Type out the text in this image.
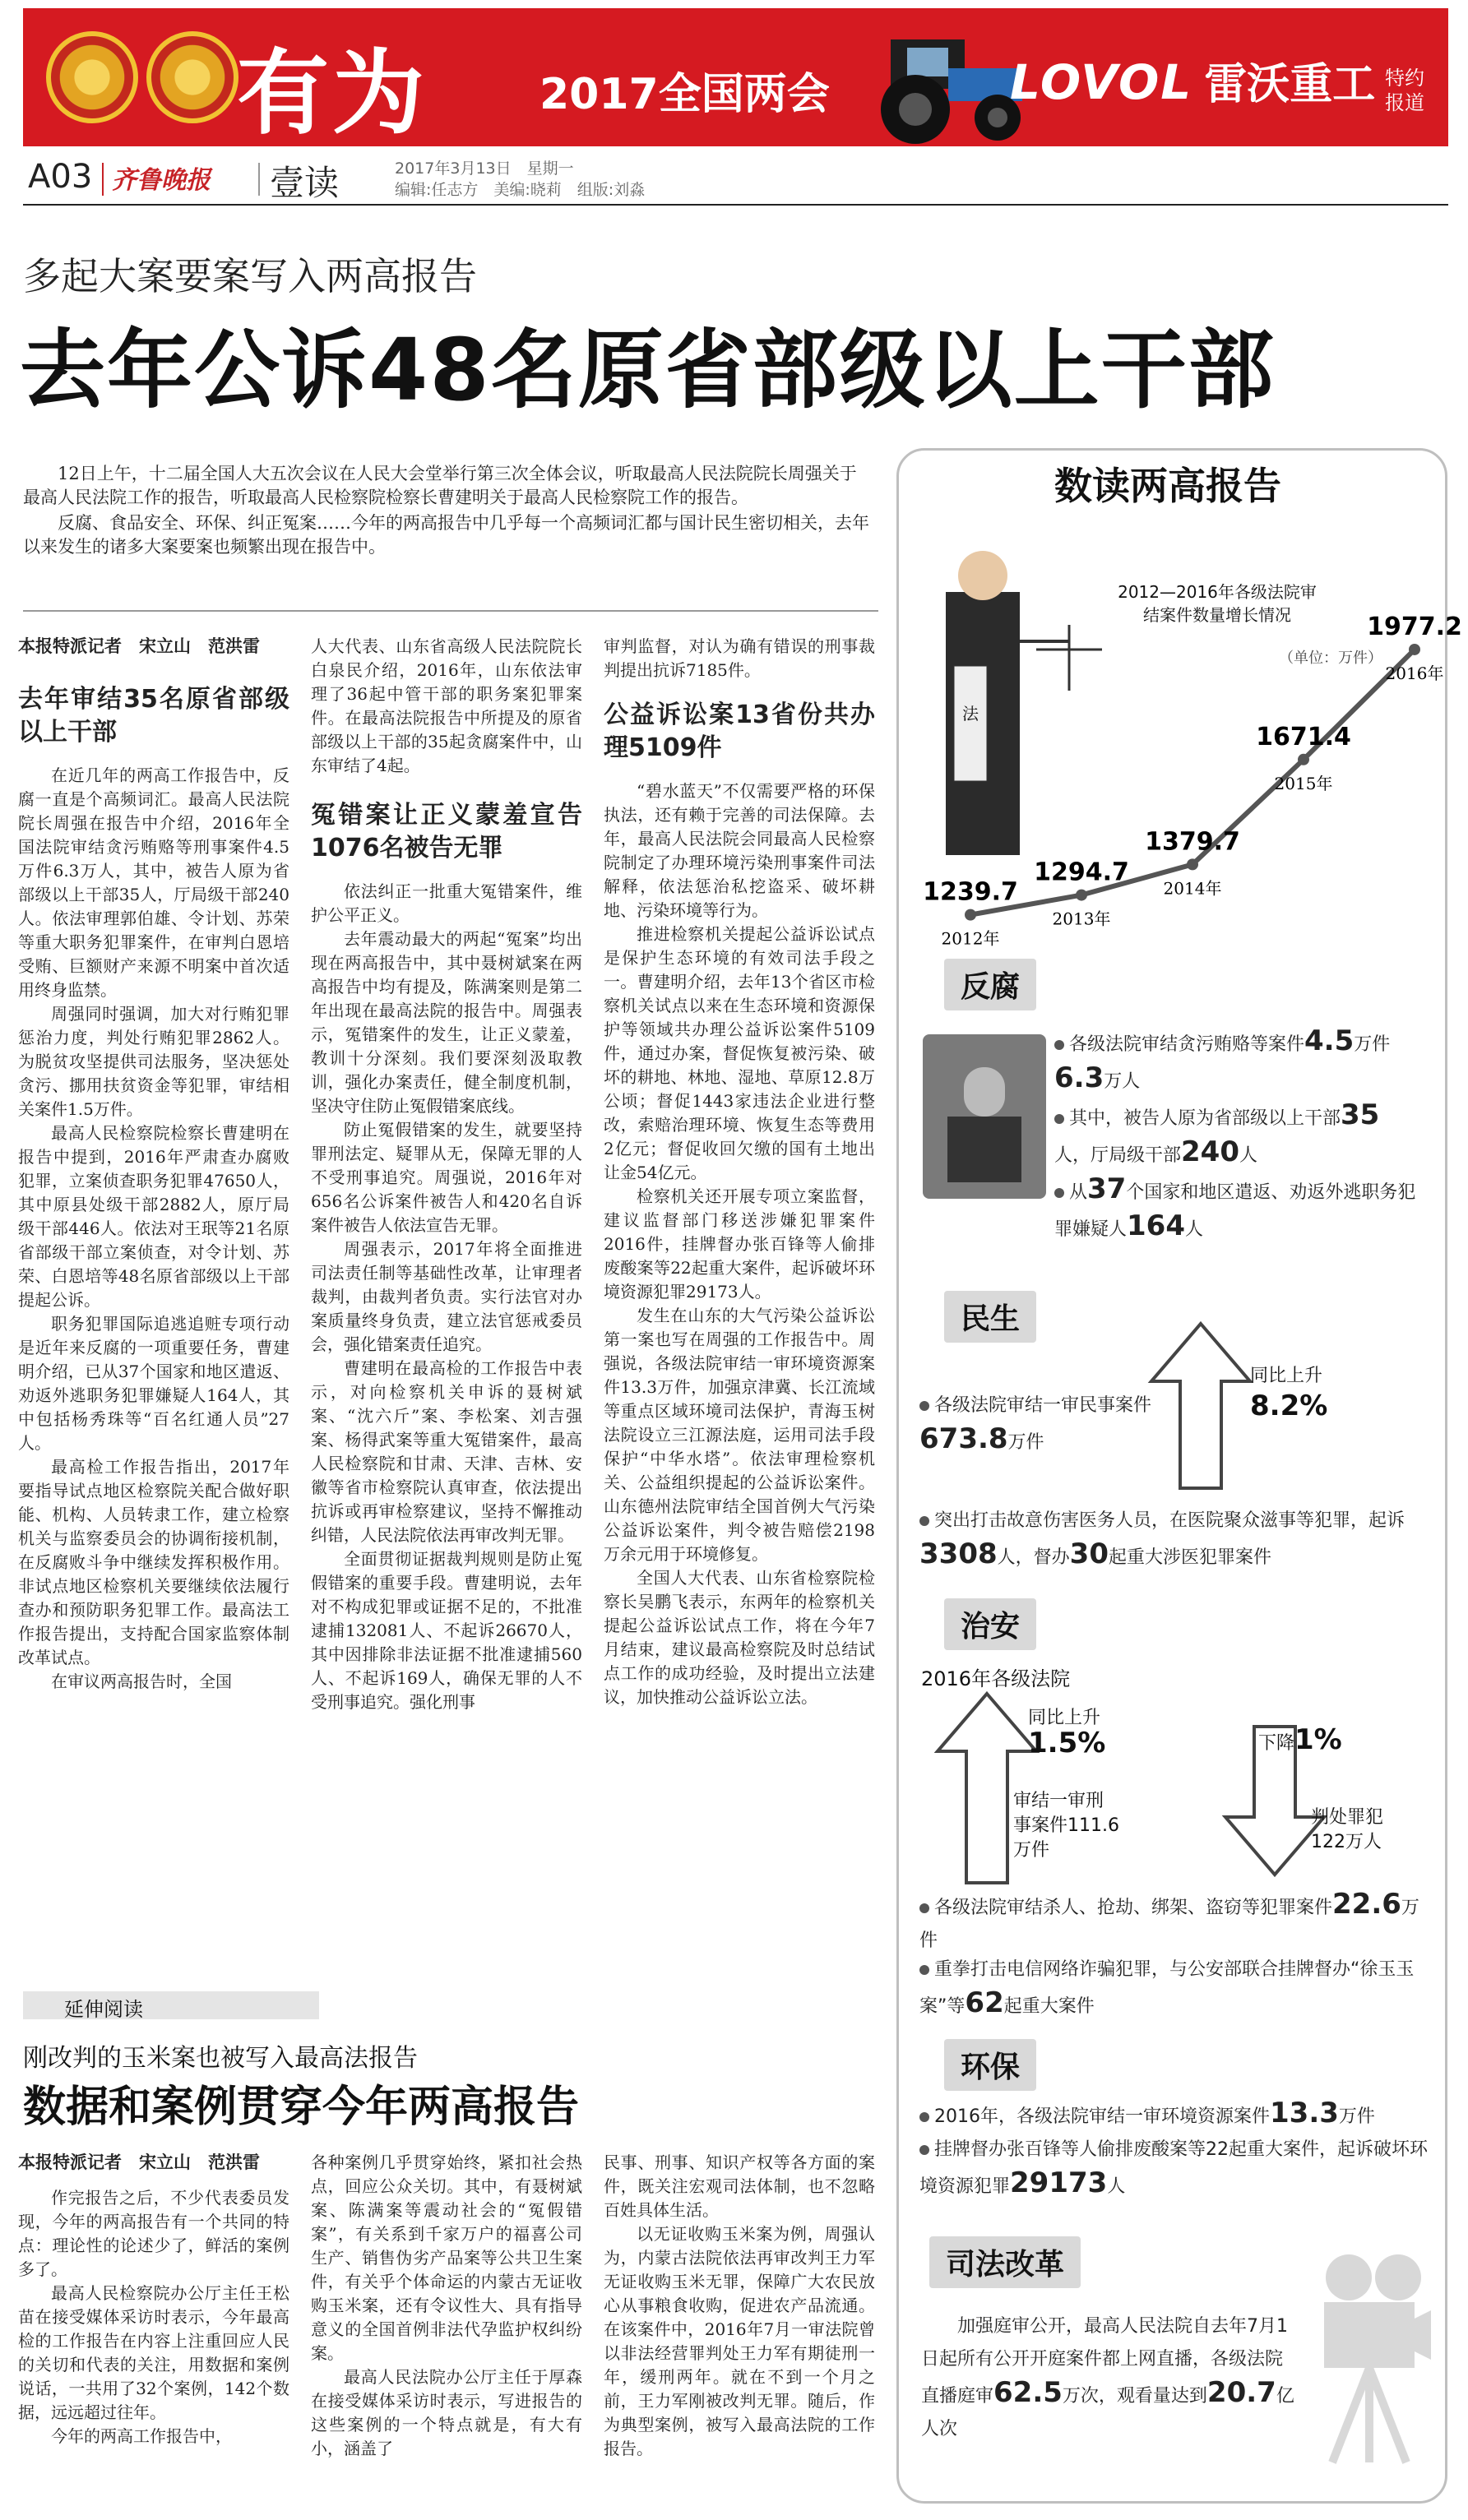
有为	2017全国两会	LOVOL 雷沃重工 特约报道
A03 齐鲁晚报 壹读	2017年3月13日　星期一
编辑:任志方　美编:晓莉　组版:刘淼
多起大案要案写入两高报告
去年公诉48名原省部级以上干部

12日上午，十二届全国人大五次会议在人民大会堂举行第三次全体会议，听取最高人民法院院长周强关于最高人民法院工作的报告，听取最高人民检察院检察长曹建明关于最高人民检察院工作的报告。

反腐、食品安全、环保、纠正冤案……今年的两高报告中几乎每一个高频词汇都与国计民生密切相关，去年以来发生的诸多大案要案也频繁出现在报告中。

本报特派记者　宋立山　范洪雷
去年审结35名原省部级以上干部

在近几年的两高工作报告中，反腐一直是个高频词汇。最高人民法院院长周强在报告中介绍，2016年全国法院审结贪污贿赂等刑事案件4.5万件6.3万人，其中，被告人原为省部级以上干部35人，厅局级干部240人。依法审理郭伯雄、令计划、苏荣等重大职务犯罪案件，在审判白恩培受贿、巨额财产来源不明案中首次适用终身监禁。

周强同时强调，加大对行贿犯罪惩治力度，判处行贿犯罪2862人。为脱贫攻坚提供司法服务，坚决惩处贪污、挪用扶贫资金等犯罪，审结相关案件1.5万件。

最高人民检察院检察长曹建明在报告中提到，2016年严肃查办腐败犯罪，立案侦查职务犯罪47650人，其中原县处级干部2882人，原厅局级干部446人。依法对王珉等21名原省部级干部立案侦查，对令计划、苏荣、白恩培等48名原省部级以上干部提起公诉。

职务犯罪国际追逃追赃专项行动是近年来反腐的一项重要任务，曹建明介绍，已从37个国家和地区遣返、劝返外逃职务犯罪嫌疑人164人，其中包括杨秀珠等“百名红通人员”27人。

最高检工作报告指出，2017年要指导试点地区检察院关配合做好职能、机构、人员转隶工作，建立检察机关与监察委员会的协调衔接机制，在反腐败斗争中继续发挥积极作用。非试点地区检察机关要继续依法履行查办和预防职务犯罪工作。最高法工作报告提出，支持配合国家监察体制改革试点。

在审议两高报告时，全国

人大代表、山东省高级人民法院院长白泉民介绍，2016年，山东依法审理了36起中管干部的职务案犯罪案件。在最高法院报告中所提及的原省部级以上干部的35起贪腐案件中，山东审结了4起。

冤错案让正义蒙羞宣告1076名被告无罪

依法纠正一批重大冤错案件，维护公平正义。

去年震动最大的两起“冤案”均出现在两高报告中，其中聂树斌案在两高报告中均有提及，陈满案则是第二年出现在最高法院的报告中。周强表示，冤错案件的发生，让正义蒙羞，教训十分深刻。我们要深刻汲取教训，强化办案责任，健全制度机制，坚决守住防止冤假错案底线。

防止冤假错案的发生，就要坚持罪刑法定、疑罪从无，保障无罪的人不受刑事追究。周强说，2016年对656名公诉案件被告人和420名自诉案件被告人依法宣告无罪。

周强表示，2017年将全面推进司法责任制等基础性改革，让审理者裁判，由裁判者负责。实行法官对办案质量终身负责，建立法官惩戒委员会，强化错案责任追究。

曹建明在最高检的工作报告中表示，对向检察机关申诉的聂树斌案、“沈六斤”案、李松案、刘吉强案、杨得武案等重大冤错案件，最高人民检察院和甘肃、天津、吉林、安徽等省市检察院认真审查，依法提出抗诉或再审检察建议，坚持不懈推动纠错，人民法院依法再审改判无罪。

全面贯彻证据裁判规则是防止冤假错案的重要手段。曹建明说，去年对不构成犯罪或证据不足的，不批准逮捕132081人、不起诉26670人，其中因排除非法证据不批准逮捕560人、不起诉169人，确保无罪的人不受刑事追究。强化刑事

审判监督，对认为确有错误的刑事裁判提出抗诉7185件。

公益诉讼案13省份共办理5109件

“碧水蓝天”不仅需要严格的环保执法，还有赖于完善的司法保障。去年，最高人民法院会同最高人民检察院制定了办理环境污染刑事案件司法解释，依法惩治私挖盗采、破坏耕地、污染环境等行为。

推进检察机关提起公益诉讼试点是保护生态环境的有效司法手段之一。曹建明介绍，去年13个省区市检察机关试点以来在生态环境和资源保护等领域共办理公益诉讼案件5109件，通过办案，督促恢复被污染、破坏的耕地、林地、湿地、草原12.8万公顷；督促1443家违法企业进行整改，索赔治理环境、恢复生态等费用2亿元；督促收回欠缴的国有土地出让金54亿元。

检察机关还开展专项立案监督，建议监督部门移送涉嫌犯罪案件2016件，挂牌督办张百锋等人偷排废酸案等22起重大案件，起诉破坏环境资源犯罪29173人。

发生在山东的大气污染公益诉讼第一案也写在周强的工作报告中。周强说，各级法院审结一审环境资源案件13.3万件，加强京津冀、长江流域等重点区域环境司法保护，青海玉树法院设立三江源法庭，运用司法手段保护“中华水塔”。依法审理检察机关、公益组织提起的公益诉讼案件。山东德州法院审结全国首例大气污染公益诉讼案件，判令被告赔偿2198万余元用于环境修复。

全国人大代表、山东省检察院检察长吴鹏飞表示，东两年的检察机关提起公益诉讼试点工作，将在今年7月结束，建议最高检察院及时总结试点工作的成功经验，及时提出立法建议，加快推动公益诉讼立法。

数读两高报告
法
1239.7
2012年
1294.7
2013年
1379.7
2014年
1671.4
2015年
1977.2
2016年
2012—2016年各级法院审结案件数量增长情况
（单位：万件）
反腐
各级法院审结贪污贿赂等案件4.5万件
6.3万人
其中，被告人原为省部级以上干部35
人，厅局级干部240人
从37个国家和地区遣返、劝返外逃职务犯罪嫌疑人164人
民生
同比上升
8.2%
各级法院审结一审民事案件673.8万件
突出打击故意伤害医务人员，在医院聚众滋事等犯罪，起诉3308人，督办30起重大涉医犯罪案件
治安
2016年各级法院
同比上升
1.5%
审结一审刑事案件111.6万件
下降1%
判处罪犯122万人
各级法院审结杀人、抢劫、绑架、盗窃等犯罪案件22.6万件
重拳打击电信网络诈骗犯罪，与公安部联合挂牌督办“徐玉玉案”等62起重大案件
环保
2016年，各级法院审结一审环境资源案件13.3万件
挂牌督办张百锋等人偷排废酸案等22起重大案件，起诉破坏环境资源犯罪29173人
司法改革
加强庭审公开，最高人民法院自去年7月1日起所有公开开庭案件都上网直播，各级法院直播庭审62.5万次，观看量达到20.7亿人次
延伸阅读
刚改判的玉米案也被写入最高法报告
数据和案例贯穿今年两高报告
本报特派记者　宋立山　范洪雷

作完报告之后，不少代表委员发现，今年的两高报告有一个共同的特点：理论性的论述少了，鲜活的案例多了。

最高人民检察院办公厅主任王松苗在接受媒体采访时表示，今年最高检的工作报告在内容上注重回应人民的关切和代表的关注，用数据和案例说话，一共用了32个案例，142个数据，远远超过往年。

今年的两高工作报告中，

各种案例几乎贯穿始终，紧扣社会热点，回应公众关切。其中，有聂树斌案、陈满案等震动社会的“冤假错案”，有关系到千家万户的福喜公司生产、销售伪劣产品案等公共卫生案件，有关乎个体命运的内蒙古无证收购玉米案，还有令议性大、具有指导意义的全国首例非法代孕监护权纠纷案。

最高人民法院办公厅主任于厚森在接受媒体采访时表示，写进报告的这些案例的一个特点就是，有大有小，涵盖了

民事、刑事、知识产权等各方面的案件，既关注宏观司法体制，也不忽略百姓具体生活。

以无证收购玉米案为例，周强认为，内蒙古法院依法再审改判王力军无证收购玉米无罪，保障广大农民放心从事粮食收购，促进农产品流通。在该案件中，2016年7月一审法院曾以非法经营罪判处王力军有期徒刑一年，缓刑两年。就在不到一个月之前，王力军刚被改判无罪。随后，作为典型案例，被写入最高法院的工作报告。
